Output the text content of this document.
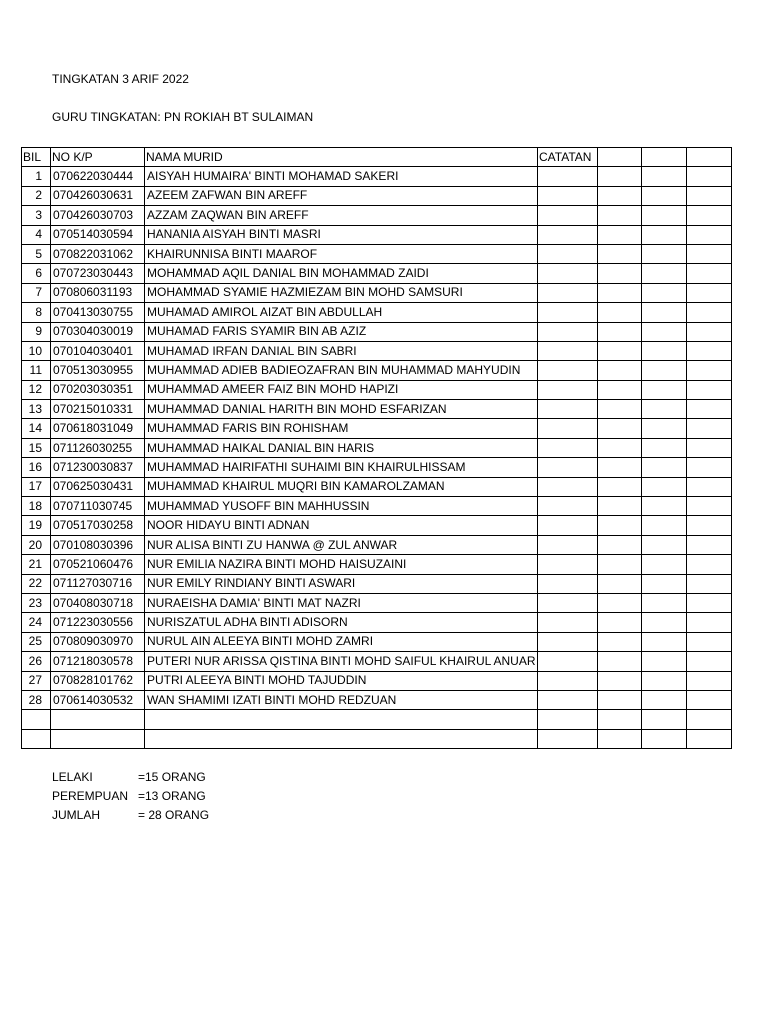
TINGKATAN 3 ARIF 2022
GURU TINGKATAN: PN ROKIAH BT SULAIMAN
BIL	NO K/P	NAMA MURID	CATATAN			
1	070622030444	AISYAH HUMAIRA' BINTI MOHAMAD SAKERI				
2	070426030631	AZEEM ZAFWAN BIN AREFF				
3	070426030703	AZZAM ZAQWAN BIN AREFF				
4	070514030594	HANANIA AISYAH BINTI MASRI				
5	070822031062	KHAIRUNNISA BINTI MAAROF				
6	070723030443	MOHAMMAD AQIL DANIAL BIN MOHAMMAD ZAIDI				
7	070806031193	MOHAMMAD SYAMIE HAZMIEZAM BIN MOHD SAMSURI				
8	070413030755	MUHAMAD AMIROL AIZAT BIN ABDULLAH				
9	070304030019	MUHAMAD FARIS SYAMIR BIN AB AZIZ				
10	070104030401	MUHAMAD IRFAN DANIAL BIN SABRI				
11	070513030955	MUHAMMAD ADIEB BADIEOZAFRAN BIN MUHAMMAD MAHYUDIN				
12	070203030351	MUHAMMAD AMEER FAIZ BIN MOHD HAPIZI				
13	070215010331	MUHAMMAD DANIAL HARITH BIN MOHD ESFARIZAN				
14	070618031049	MUHAMMAD FARIS BIN ROHISHAM				
15	071126030255	MUHAMMAD HAIKAL DANIAL BIN HARIS				
16	071230030837	MUHAMMAD HAIRIFATHI SUHAIMI BIN KHAIRULHISSAM				
17	070625030431	MUHAMMAD KHAIRUL MUQRI BIN KAMAROLZAMAN				
18	070711030745	MUHAMMAD YUSOFF BIN MAHHUSSIN				
19	070517030258	NOOR HIDAYU BINTI ADNAN				
20	070108030396	NUR ALISA BINTI ZU HANWA @ ZUL ANWAR				
21	070521060476	NUR EMILIA NAZIRA BINTI MOHD HAISUZAINI				
22	071127030716	NUR EMILY RINDIANY BINTI ASWARI				
23	070408030718	NURAEISHA DAMIA' BINTI MAT NAZRI				
24	071223030556	NURISZATUL ADHA BINTI ADISORN				
25	070809030970	NURUL AIN ALEEYA BINTI MOHD ZAMRI				
26	071218030578	PUTERI NUR ARISSA QISTINA BINTI MOHD SAIFUL KHAIRUL ANUAR				
27	070828101762	PUTRI ALEEYA BINTI MOHD TAJUDDIN				
28	070614030532	WAN SHAMIMI IZATI BINTI MOHD REDZUAN				

LELAKI	=15 ORANG
PEREMPUAN =13 ORANG
JUMLAH	= 28 ORANG
